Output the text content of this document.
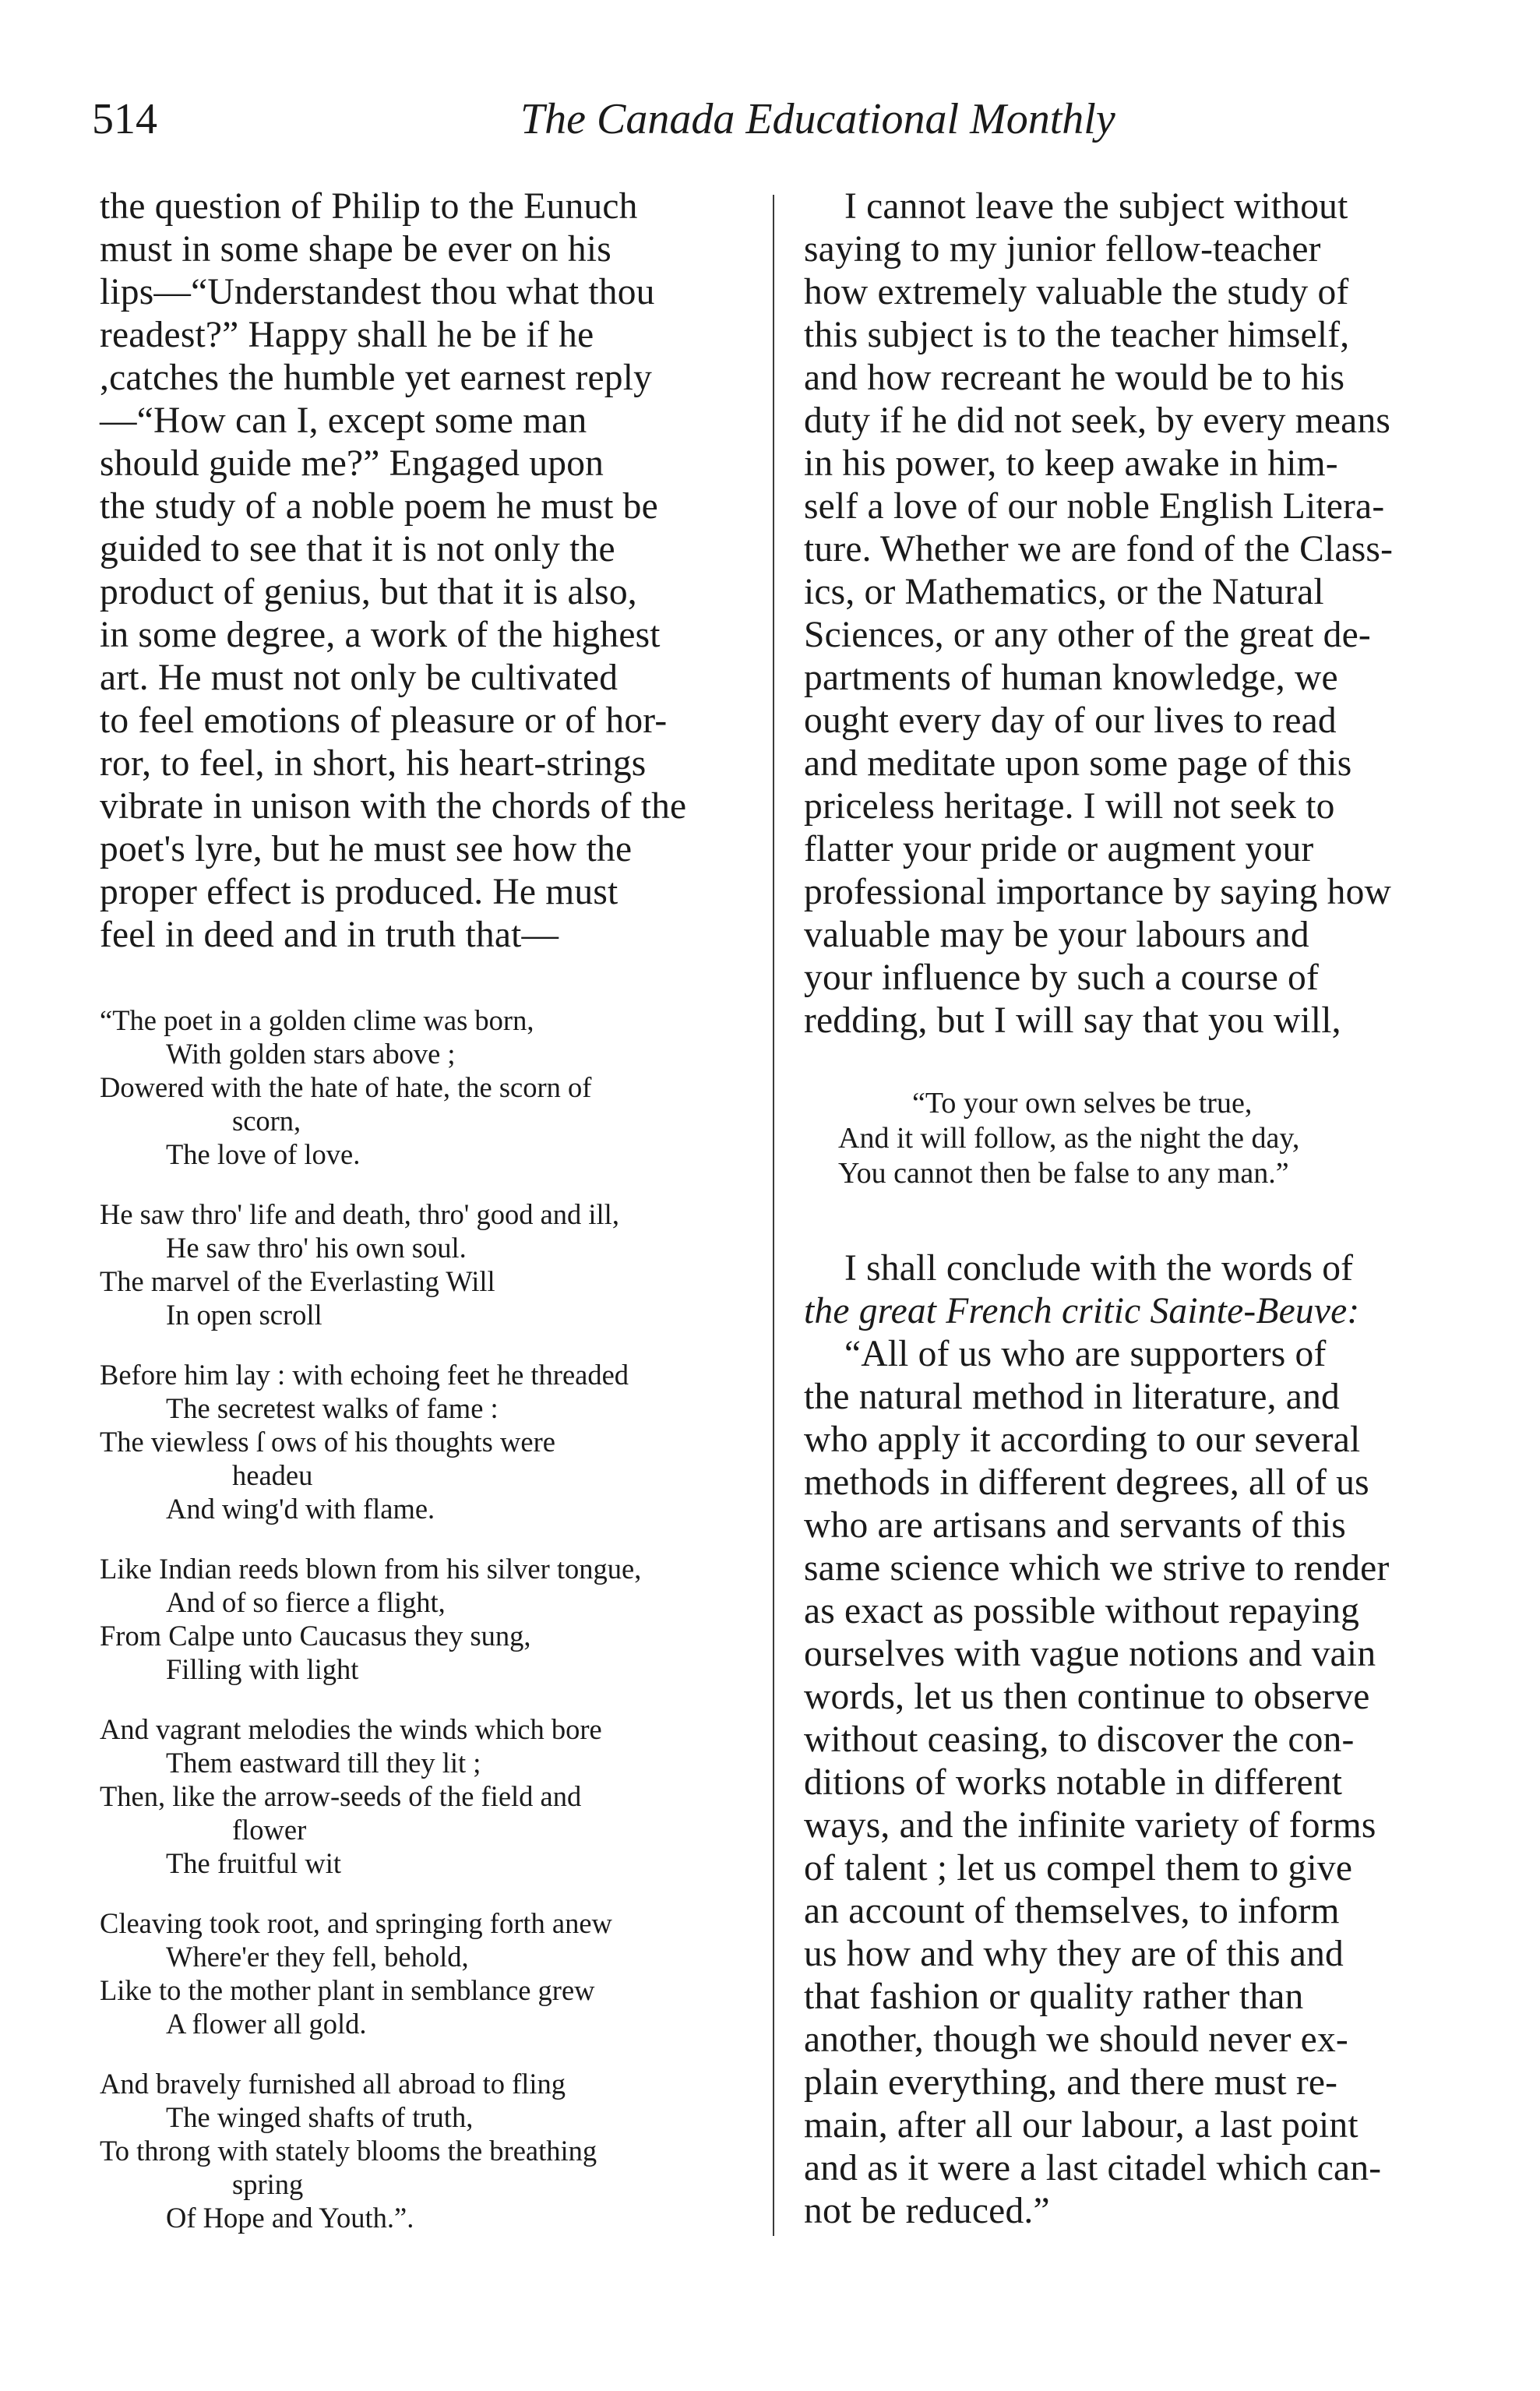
514	The Canada Educational Monthly

the question of Philip to the Eunuch
must in some shape be ever on his
lips—“Understandest thou what thou
readest?” Happy shall he be if he
,catches the humble yet earnest reply
—“How can I, except some man
should guide me?” Engaged upon
the study of a noble poem he must be
guided to see that it is not only the
product of genius, but that it is also,
in some degree, a work of the highest
art. He must not only be cultivated
to feel emotions of pleasure or of hor-
ror, to feel, in short, his heart-strings
vibrate in unison with the chords of the
poet's lyre, but he must see how the
proper effect is produced. He must
feel in deed and in truth that—

“The poet in a golden clime was born,
With golden stars above ;
Dowered with the hate of hate, the scorn of
scorn,
The love of love.
He saw thro' life and death, thro' good and ill,
He saw thro' his own soul.
The marvel of the Everlasting Will
In open scroll
Before him lay : with echoing feet he threaded
The secretest walks of fame :
The viewless ſ ows of his thoughts were
headeu
And wing'd with flame.
Like Indian reeds blown from his silver tongue,
And of so fierce a flight,
From Calpe unto Caucasus they sung,
Filling with light
And vagrant melodies the winds which bore
Them eastward till they lit ;
Then, like the arrow-seeds of the field and
flower
The fruitful wit
Cleaving took root, and springing forth anew
Where'er they fell, behold,
Like to the mother plant in semblance grew
A flower all gold.
And bravely furnished all abroad to fling
The winged shafts of truth,
To throng with stately blooms the breathing
spring
Of Hope and Youth.”.

I cannot leave the subject without
saying to my junior fellow-teacher
how extremely valuable the study of
this subject is to the teacher himself,
and how recreant he would be to his
duty if he did not seek, by every means
in his power, to keep awake in him-
self a love of our noble English Litera-
ture. Whether we are fond of the Class-
ics, or Mathematics, or the Natural
Sciences, or any other of the great de-
partments of human knowledge, we
ought every day of our lives to read
and meditate upon some page of this
priceless heritage. I will not seek to
flatter your pride or augment your
professional importance by saying how
valuable may be your labours and
your influence by such a course of
redding, but I will say that you will,

“To your own selves be true,
And it will follow, as the night the day,
You cannot then be false to any man.”

I shall conclude with the words of

the great French critic Sainte-Beuve:

“All of us who are supporters of
the natural method in literature, and
who apply it according to our several
methods in different degrees, all of us
who are artisans and servants of this
same science which we strive to render
as exact as possible without repaying
ourselves with vague notions and vain
words, let us then continue to observe
without ceasing, to discover the con-
ditions of works notable in different
ways, and the infinite variety of forms
of talent ; let us compel them to give
an account of themselves, to inform
us how and why they are of this and
that fashion or quality rather than
another, though we should never ex-
plain everything, and there must re-
main, after all our labour, a last point
and as it were a last citadel which can-
not be reduced.”
